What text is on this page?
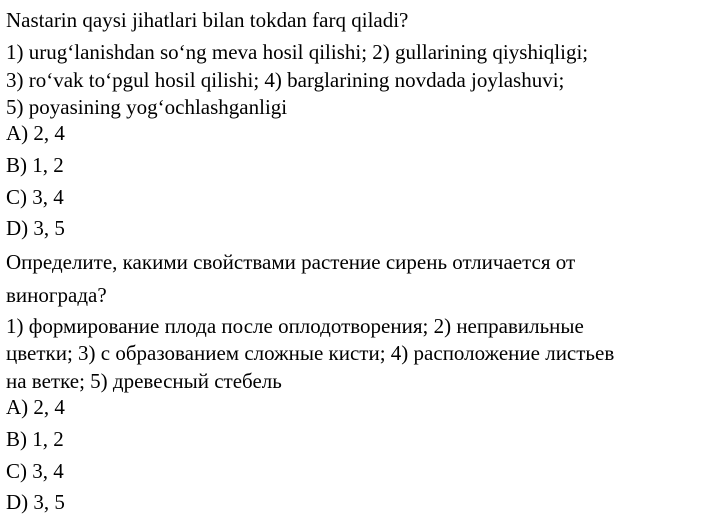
Nastarin qaysi jihatlari bilan tokdan farq qiladi?
1) urug‘lanishdan so‘ng meva hosil qilishi; 2) gullarining qiyshiqligi;
3) ro‘vak to‘pgul hosil qilishi; 4) barglarining novdada joylashuvi;
5) poyasining yog‘ochlashganligi
A) 2, 4
B) 1, 2
C) 3, 4
D) 3, 5
Определите, какими свойствами растение сирень отличается от
винограда?
1) формирование плода после оплодотворения; 2) неправильные
цветки; 3) с образованием сложные кисти; 4) расположение листьев
на ветке; 5) древесный стебель
A) 2, 4
B) 1, 2
C) 3, 4
D) 3, 5
